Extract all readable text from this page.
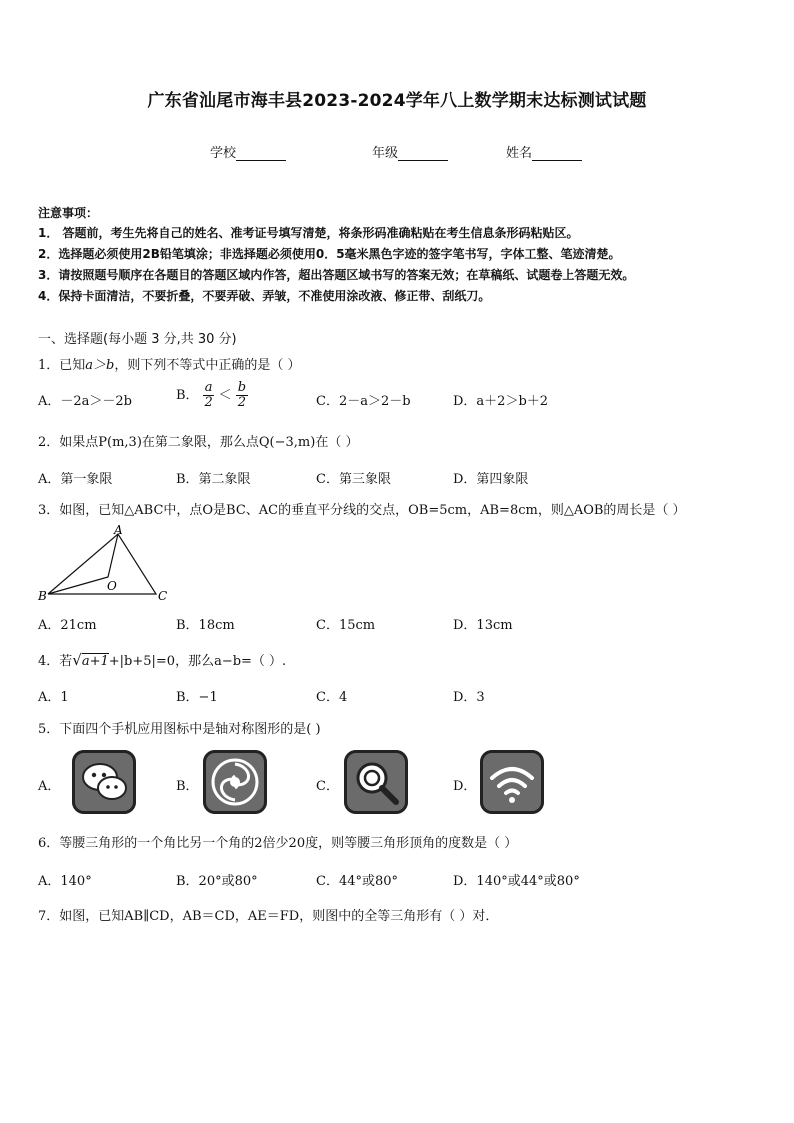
广东省汕尾市海丰县2023-2024学年八上数学期末达标测试试题
学校	年级	姓名
注意事项：
1． 答题前，考生先将自己的姓名、准考证号填写清楚，将条形码准确粘贴在考生信息条形码粘贴区。
2．选择题必须使用2B铅笔填涂；非选择题必须使用0．5毫米黑色字迹的签字笔书写，字体工整、笔迹清楚。
3．请按照题号顺序在各题目的答题区域内作答，超出答题区域书写的答案无效；在草稿纸、试题卷上答题无效。
4．保持卡面清洁，不要折叠，不要弄破、弄皱，不准使用涂改液、修正带、刮纸刀。
一、选择题(每小题 3 分,共 30 分)
1．已知a＞b，则下列不等式中正确的是（ ）
A．－2a＞－2b	B． $\frac{a}{2} < \frac{b}{2}$	C．2－a＞2－b	D．a＋2＞b＋2
2．如果点P(m,3)在第二象限，那么点Q(−3,m)在（ ）
A．第一象限	B．第二象限	C．第三象限	D．第四象限
3．如图，已知△ABC中，点O是BC、AC的垂直平分线的交点，OB=5cm，AB=8cm，则△AOB的周长是（ ）
A
B	C
O
A．21cm	B．18cm	C．15cm	D．13cm
4．若√a+1+|b+5|=0，那么a−b=（ ）.
A．1	B．−1	C．4	D．3
5．下面四个手机应用图标中是轴对称图形的是( )
A．	B．	C．	D．
6．等腰三角形的一个角比另一个角的2倍少20度，则等腰三角形顶角的度数是（ ）
A．140°	B．20°或80°	C．44°或80°	D．140°或44°或80°
7．如图，已知AB∥CD，AB＝CD，AE＝FD，则图中的全等三角形有（ ）对．
